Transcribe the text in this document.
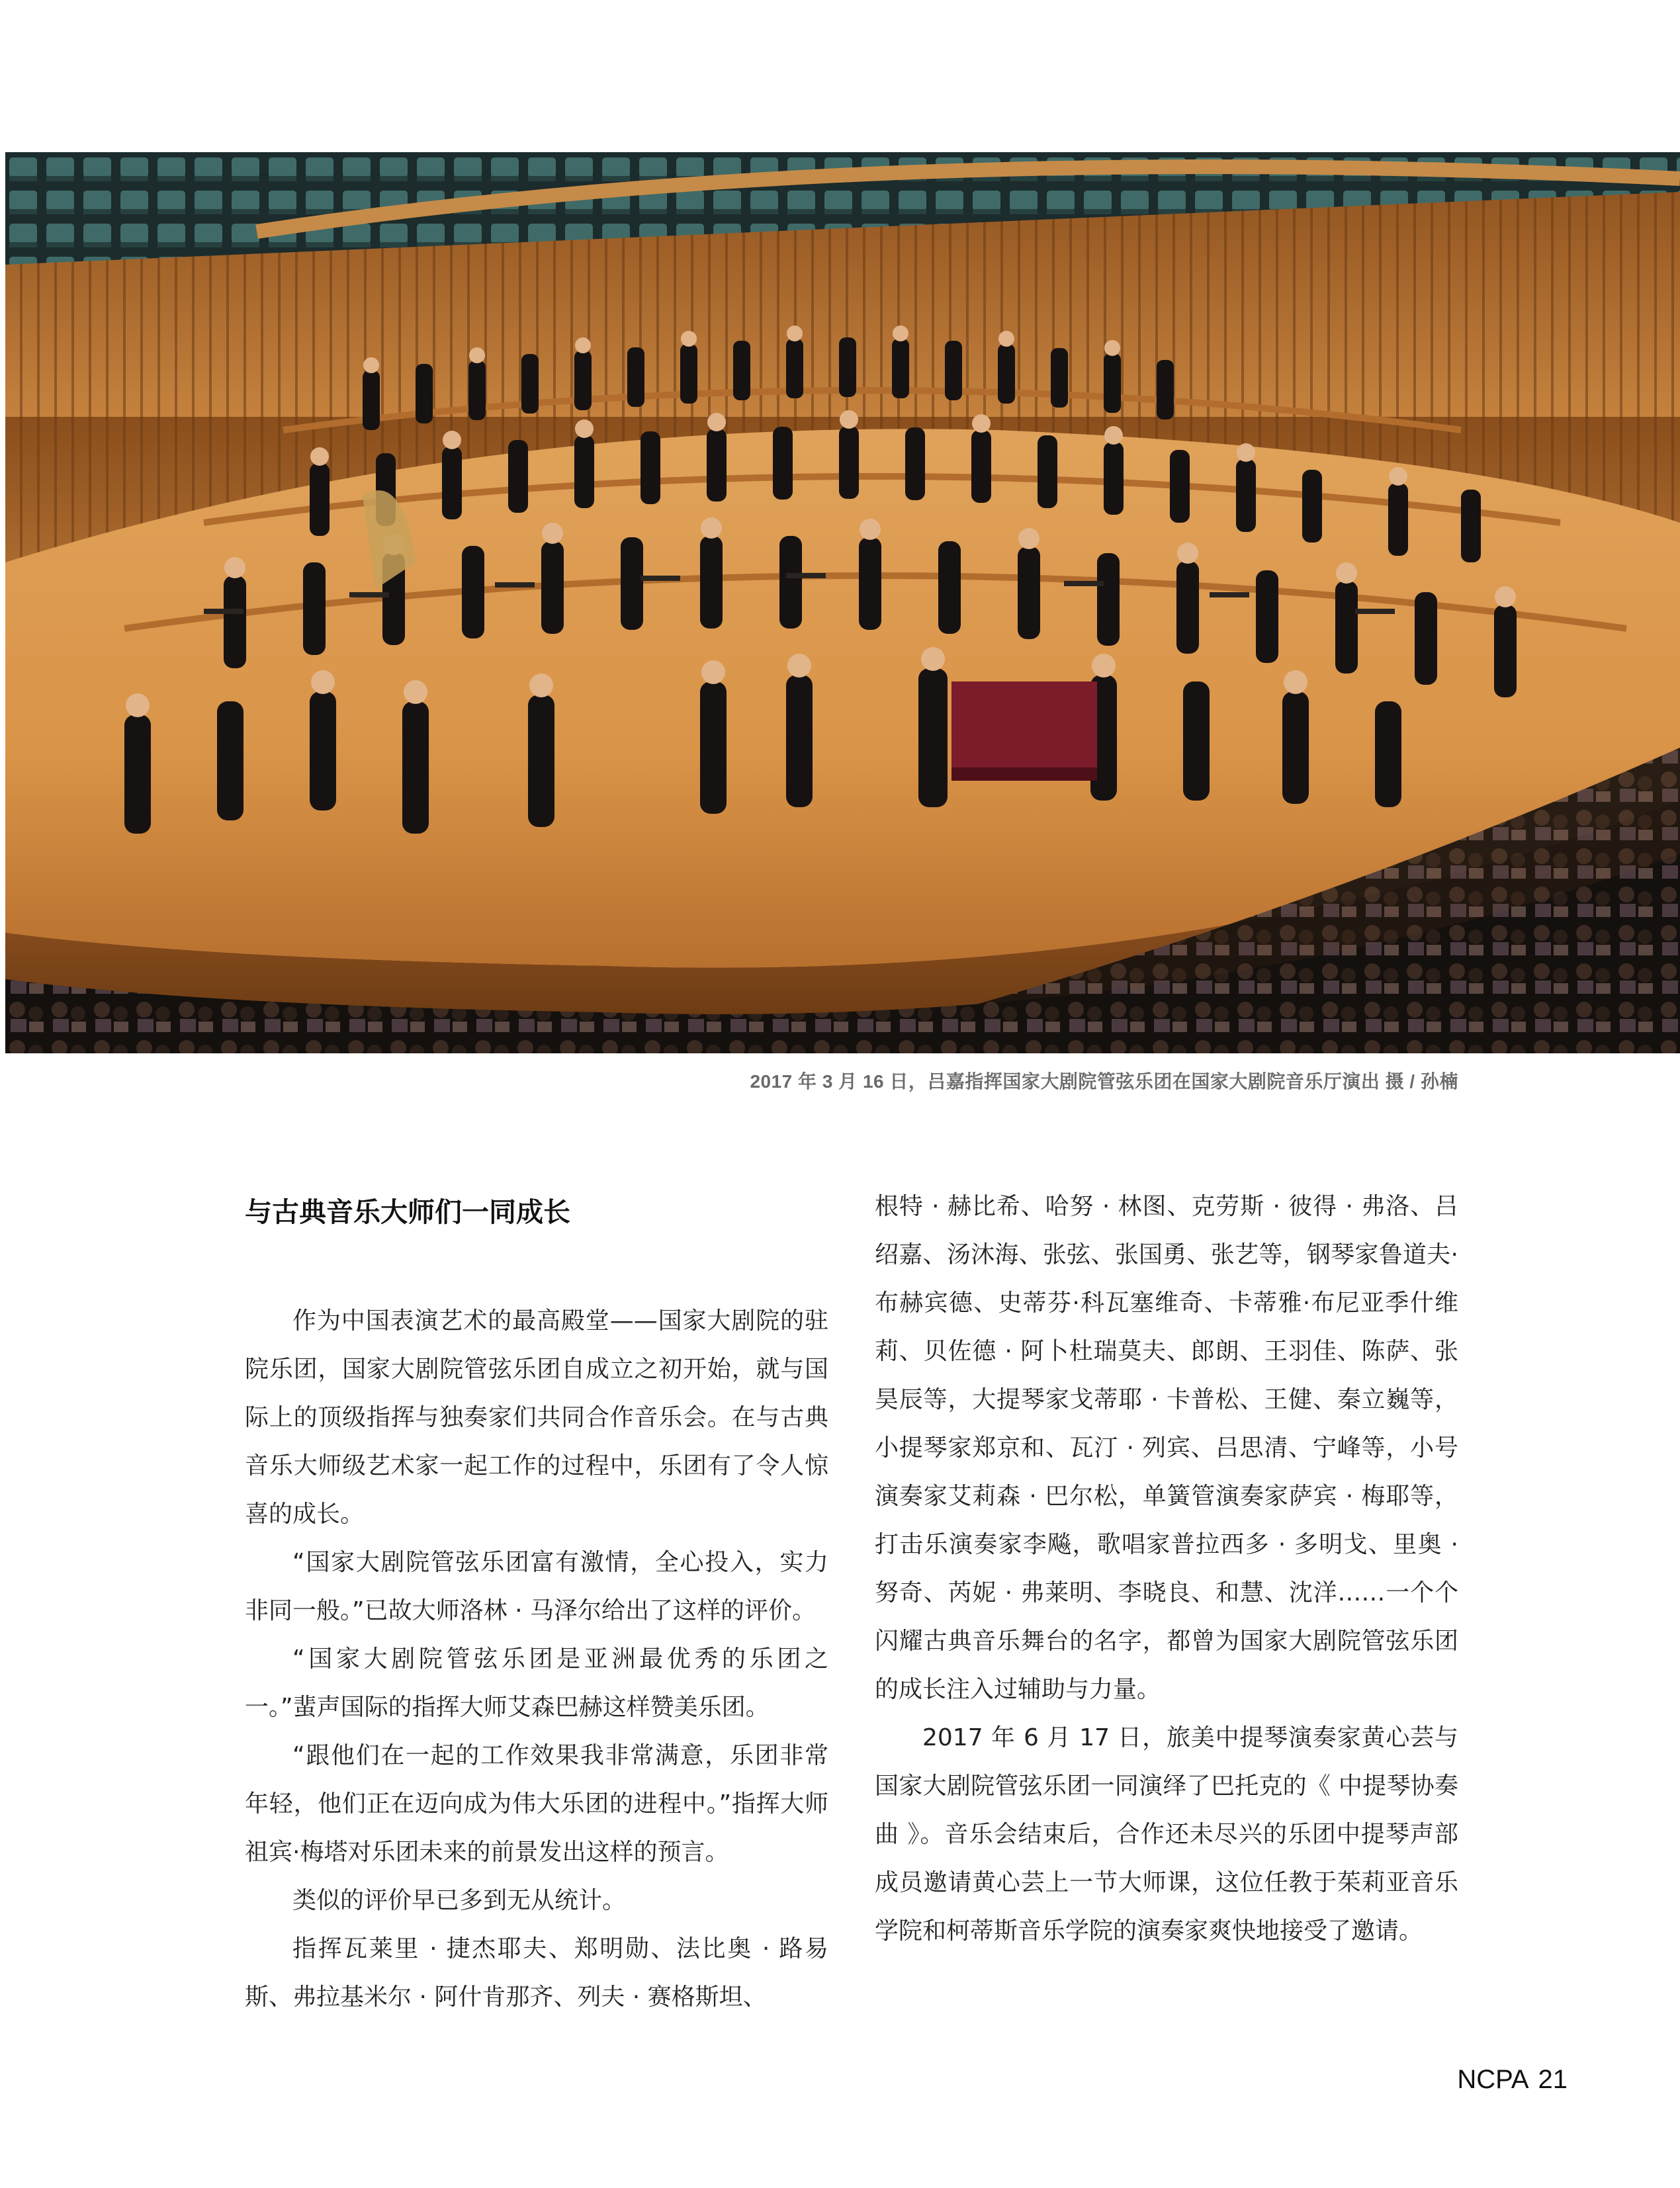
2017 年 3 月 16 日，吕嘉指挥国家大剧院管弦乐团在国家大剧院音乐厅演出 摄 / 孙楠
与古典音乐大师们一同成长

作为中国表演艺术的最高殿堂——国家大剧院的驻院乐团，国家大剧院管弦乐团自成立之初开始，就与国际上的顶级指挥与独奏家们共同合作音乐会。在与古典音乐大师级艺术家一起工作的过程中，乐团有了令人惊喜的成长。

“国家大剧院管弦乐团富有激情，全心投入，实力非同一般。”已故大师洛林 · 马泽尔给出了这样的评价。

“国家大剧院管弦乐团是亚洲最优秀的乐团之一。”蜚声国际的指挥大师艾森巴赫这样赞美乐团。

“跟他们在一起的工作效果我非常满意，乐团非常年轻，他们正在迈向成为伟大乐团的进程中。”指挥大师祖宾·梅塔对乐团未来的前景发出这样的预言。

类似的评价早已多到无从统计。

指挥瓦莱里 · 捷杰耶夫、郑明勋、法比奥 · 路易斯、弗拉基米尔 · 阿什肯那齐、列夫 · 赛格斯坦、

根特 · 赫比希、哈努 · 林图、克劳斯 · 彼得 · 弗洛、吕绍嘉、汤沐海、张弦、张国勇、张艺等，钢琴家鲁道夫·布赫宾德、史蒂芬·科瓦塞维奇、卡蒂雅·布尼亚季什维莉、贝佐德 · 阿卜杜瑞莫夫、郎朗、王羽佳、陈萨、张昊辰等，大提琴家戈蒂耶 · 卡普松、王健、秦立巍等，小提琴家郑京和、瓦汀 · 列宾、吕思清、宁峰等，小号演奏家艾莉森 · 巴尔松，单簧管演奏家萨宾 · 梅耶等，打击乐演奏家李飚，歌唱家普拉西多 · 多明戈、里奥 · 努奇、芮妮 · 弗莱明、李晓良、和慧、沈洋……一个个闪耀古典音乐舞台的名字，都曾为国家大剧院管弦乐团的成长注入过辅助与力量。

2017 年 6 月 17 日，旅美中提琴演奏家黄心芸与国家大剧院管弦乐团一同演绎了巴托克的《 中提琴协奏曲 》。音乐会结束后，合作还未尽兴的乐团中提琴声部成员邀请黄心芸上一节大师课，这位任教于茱莉亚音乐学院和柯蒂斯音乐学院的演奏家爽快地接受了邀请。

NCPA 21
